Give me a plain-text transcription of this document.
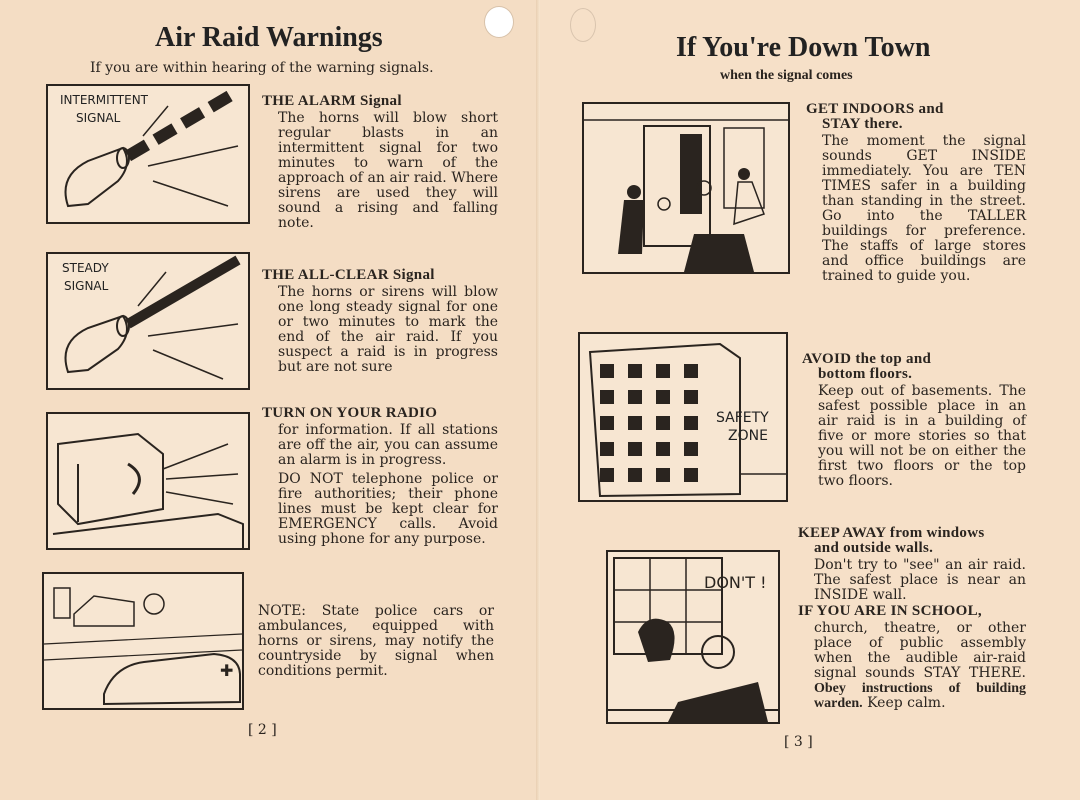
Air Raid Warnings

If you are within hearing of the warning signals.

INTERMITTENT
SIGNAL

THE ALARM Signal

The horns will blow short regular blasts in an intermittent signal for two minutes to warn of the approach of an air raid. Where sirens are used they will sound a rising and falling note.

STEADY
SIGNAL

THE ALL-CLEAR Signal

The horns or sirens will blow one long steady signal for one or two minutes to mark the end of the air raid. If you suspect a raid is in progress but are not sure

TURN ON YOUR RADIO

for information. If all stations are off the air, you can assume an alarm is in progress.

DO NOT telephone police or fire authorities; their phone lines must be kept clear for EMERGENCY calls. Avoid using phone for any purpose.

✚

NOTE: State police cars or ambulances, equipped with horns or sirens, may notify the countryside by signal when conditions permit.

[ 2 ]
If You're Down Town

when the signal comes

GET INDOORS and
STAY there.

The moment the signal sounds GET INSIDE immediately. You are TEN TIMES safer in a building than standing in the street. Go into the TALLER buildings for preference. The staffs of large stores and office buildings are trained to guide you.

SAFETY
ZONE

AVOID the top and
bottom floors.

Keep out of basements. The safest possible place in an air raid is in a building of five or more stories so that you will not be on either the first two floors or the top two floors.

DON'T !

KEEP AWAY from windows
and outside walls.

Don't try to "see" an air raid. The safest place is near an INSIDE wall.

IF YOU ARE IN SCHOOL,

church, theatre, or other place of public assembly when the audible air-raid signal sounds STAY THERE. Obey instructions of building warden. Keep calm.

[ 3 ]
